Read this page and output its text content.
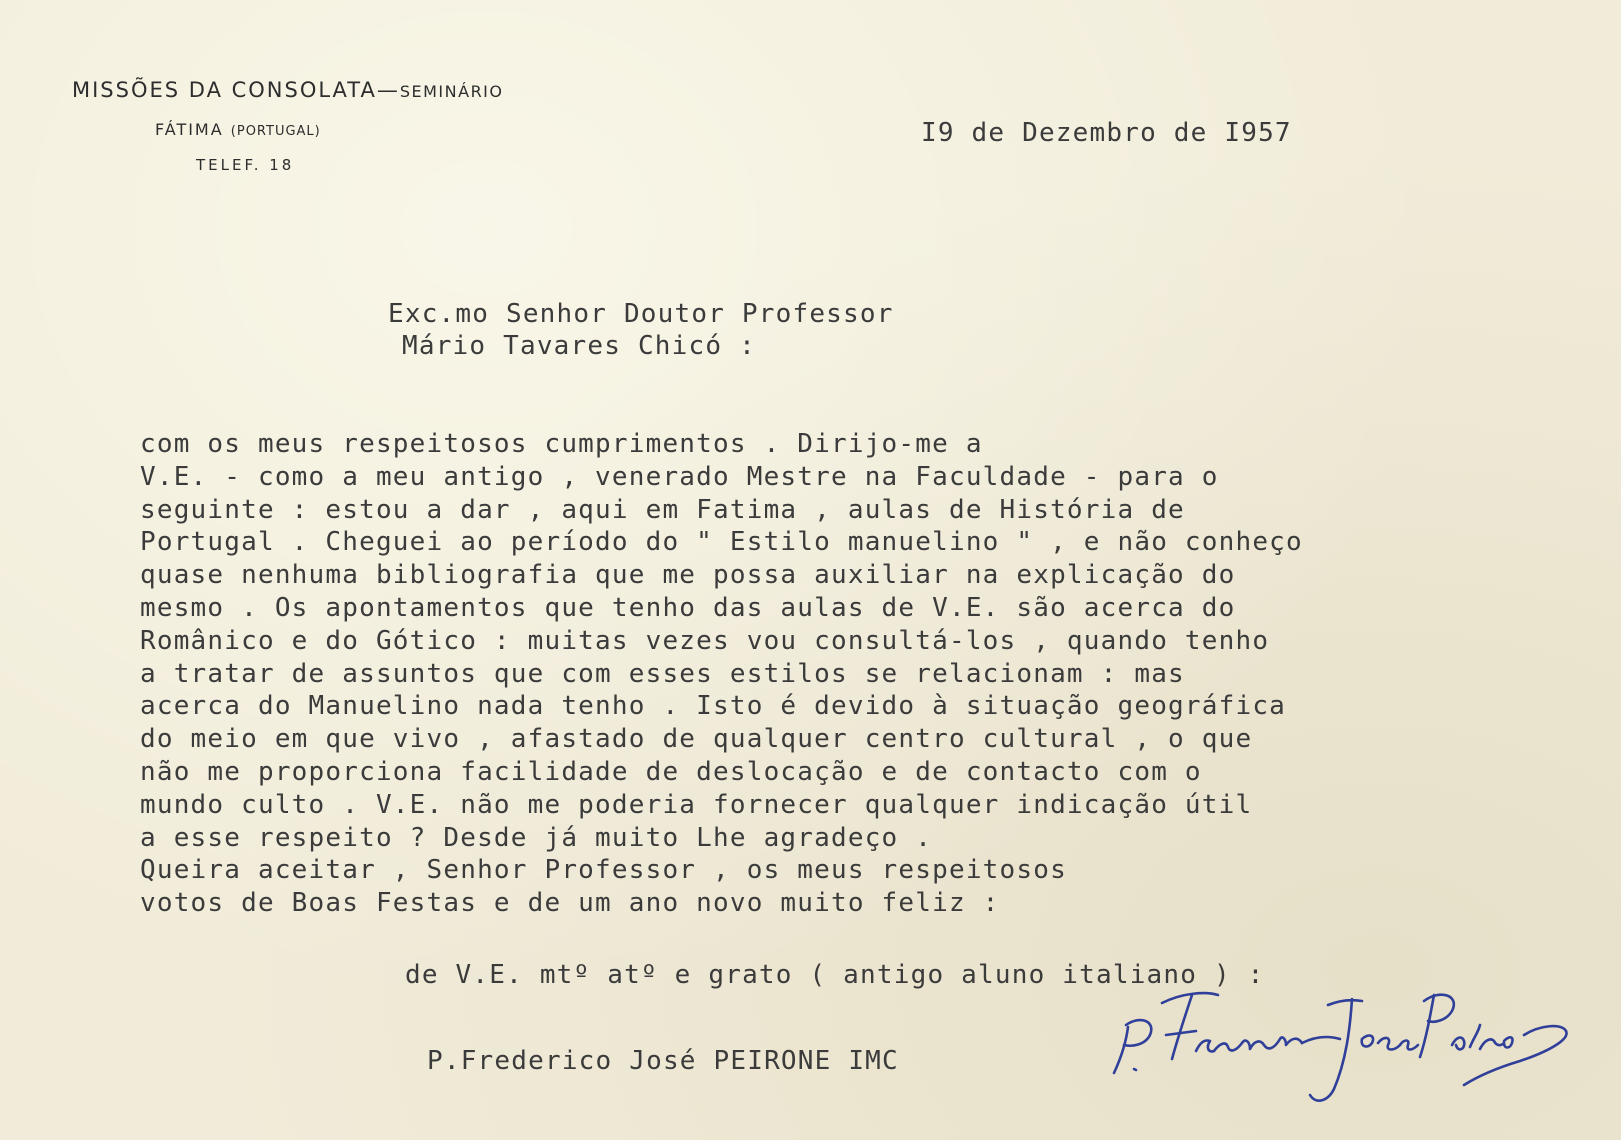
MISSÕES DA CONSOLATA—SEMINÁRIO
FÁTIMA (PORTUGAL)
TELEF. 18
I9 de Dezembro de I957
Exc.mo Senhor Doutor Professor
Mário Tavares Chicó :
com os meus respeitosos cumprimentos . Dirijo-me a
V.E. - como a meu antigo , venerado Mestre na Faculdade - para o
seguinte : estou a dar , aqui em Fatima , aulas de História de
Portugal . Cheguei ao período do " Estilo manuelino " , e não conheço
quase nenhuma bibliografia que me possa auxiliar na explicação do
mesmo . Os apontamentos que tenho das aulas de V.E. são acerca do
Românico e do Gótico : muitas vezes vou consultá-los , quando tenho
a tratar de assuntos que com esses estilos se relacionam : mas
acerca do Manuelino nada tenho . Isto é devido à situação geográfica
do meio em que vivo , afastado de qualquer centro cultural , o que
não me proporciona facilidade de deslocação e de contacto com o
mundo culto . V.E. não me poderia fornecer qualquer indicação útil
a esse respeito ? Desde já muito Lhe agradeço .
Queira aceitar , Senhor Professor , os meus respeitosos
votos de Boas Festas e de um ano novo muito feliz :
de V.E. mtº atº e grato ( antigo aluno italiano ) :
P.Frederico José PEIRONE IMC
